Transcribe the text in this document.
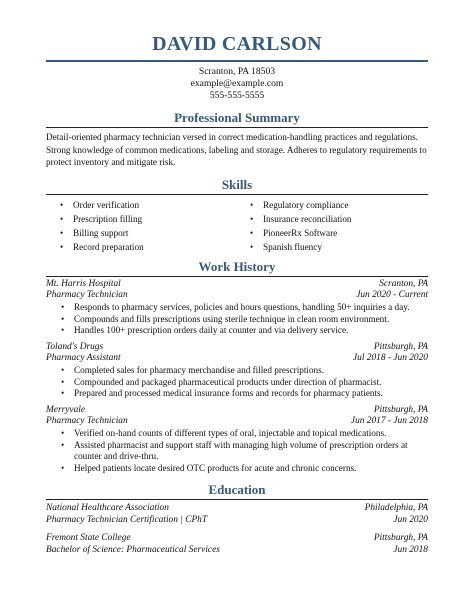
DAVID CARLSON
Scranton, PA 18503
example@example.com
555-555-5555
Professional Summary
Detail-oriented pharmacy technician versed in correct medication-handling practices and regulations. Strong knowledge of common medications, labeling and storage. Adheres to regulatory requirements to protect inventory and mitigate risk.
Skills
• Order verification
• Prescription filling
• Billing support
• Record preparation
• Regulatory compliance
• Insurance reconciliation
• PioneerRx Software
• Spanish fluency
Work History
Mt. Harris Hospital	Scranton, PA
Pharmacy Technician	Jun 2020 - Current
• Responds to pharmacy services, policies and hours questions, handling 50+ inquiries a day.
• Compounds and fills prescriptions using sterile technique in clean room environment.
• Handles 100+ prescription orders daily at counter and via delivery service.
Toland's Drugs	Pittsburgh, PA
Pharmacy Assistant	Jul 2018 - Jun 2020
• Completed sales for pharmacy merchandise and filled prescriptions.
• Compounded and packaged pharmaceutical products under direction of pharmacist.
• Prepared and processed medical insurance forms and records for pharmacy patients.
Merryvale	Pittsburgh, PA
Pharmacy Technician	Jun 2017 - Jun 2018
• Verified on-hand counts of different types of oral, injectable and topical medications.
• Assisted pharmacist and support staff with managing high volume of prescription orders at counter and drive-thru.
• Helped patients locate desired OTC products for acute and chronic concerns.
Education
National Healthcare Association	Philadelphia, PA
Pharmacy Technician Certification | CPhT	Jun 2020
Fremont State College	Pittsburgh, PA
Bachelor of Science: Pharmaceutical Services	Jun 2018
